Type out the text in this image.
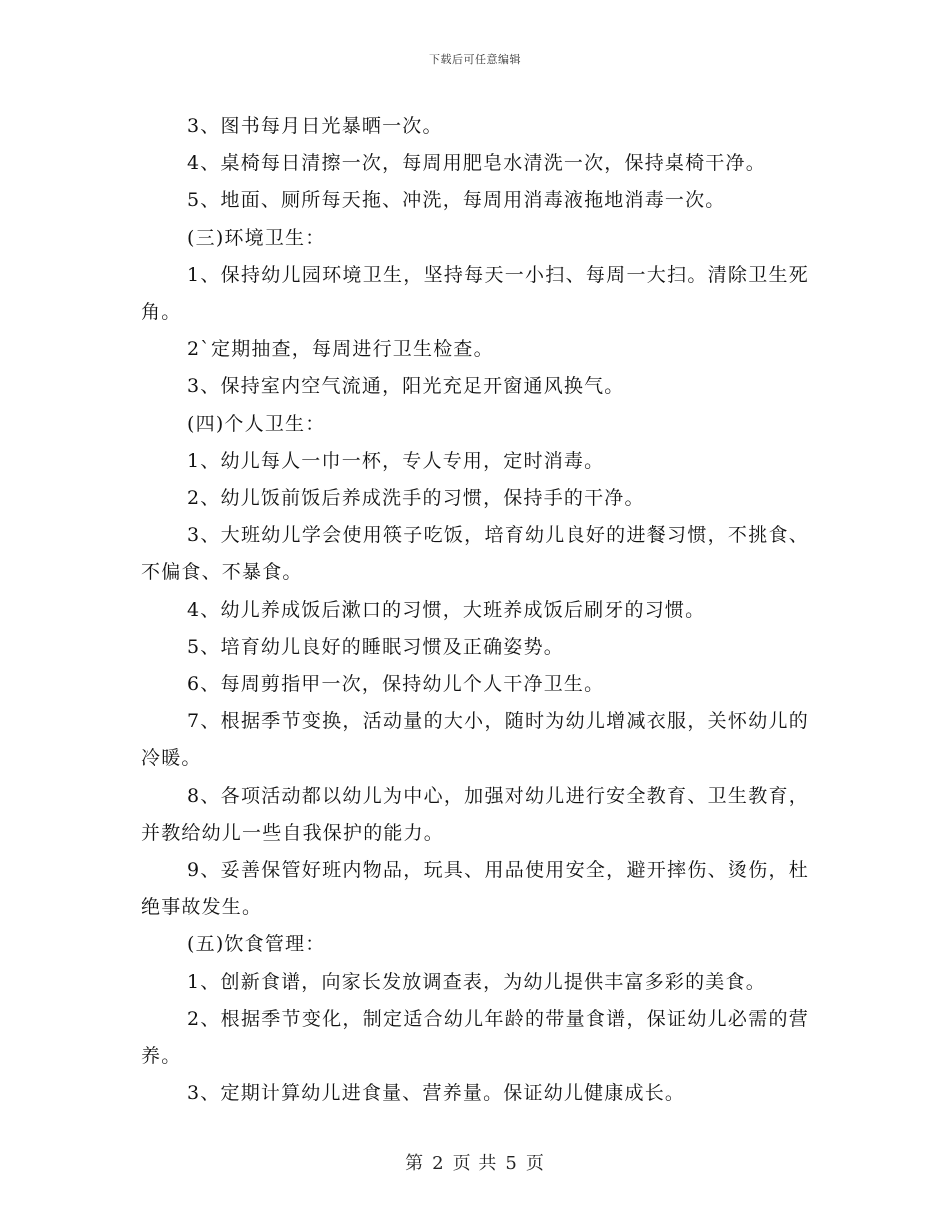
下载后可任意编辑

3、图书每月日光暴晒一次。

4、桌椅每日清擦一次，每周用肥皂水清洗一次，保持桌椅干净。

5、地面、厕所每天拖、冲洗，每周用消毒液拖地消毒一次。

(三)环境卫生：

1、保持幼儿园环境卫生，坚持每天一小扫、每周一大扫。清除卫生死角。

2`定期抽查，每周进行卫生检查。

3、保持室内空气流通，阳光充足开窗通风换气。

(四)个人卫生：

1、幼儿每人一巾一杯，专人专用，定时消毒。

2、幼儿饭前饭后养成洗手的习惯，保持手的干净。

3、大班幼儿学会使用筷子吃饭，培育幼儿良好的进餐习惯，不挑食、不偏食、不暴食。

4、幼儿养成饭后漱口的习惯，大班养成饭后刷牙的习惯。

5、培育幼儿良好的睡眠习惯及正确姿势。

6、每周剪指甲一次，保持幼儿个人干净卫生。

7、根据季节变换，活动量的大小，随时为幼儿增减衣服，关怀幼儿的冷暖。

8、各项活动都以幼儿为中心，加强对幼儿进行安全教育、卫生教育，并教给幼儿一些自我保护的能力。

9、妥善保管好班内物品，玩具、用品使用安全，避开摔伤、烫伤，杜绝事故发生。

(五)饮食管理：

1、创新食谱，向家长发放调查表，为幼儿提供丰富多彩的美食。

2、根据季节变化，制定适合幼儿年龄的带量食谱，保证幼儿必需的营养。

3、定期计算幼儿进食量、营养量。保证幼儿健康成长。

第 2 页 共 5 页
